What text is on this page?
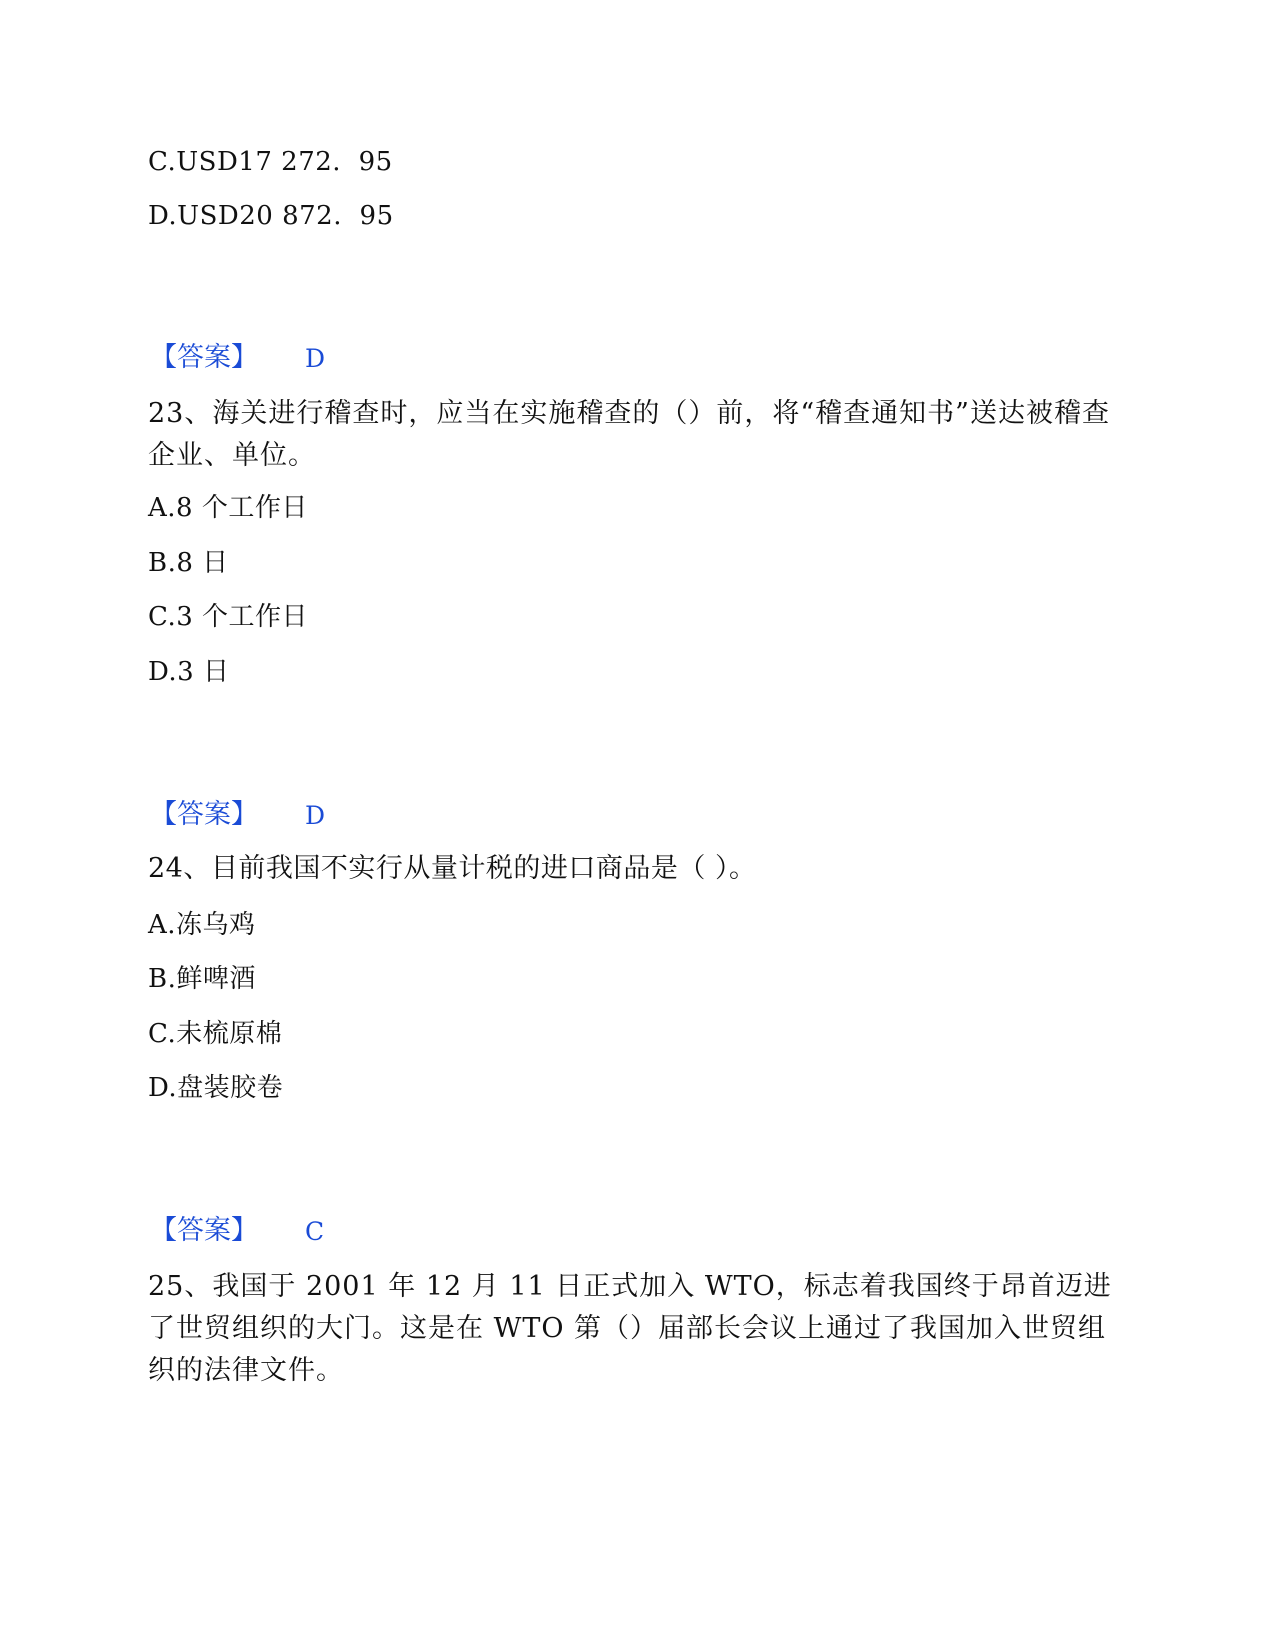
C.USD17 272.  95
D.USD20 872.  95
【答案】 D
23、海关进行稽查时，应当在实施稽查的（）前，将“稽查通知书”送达被稽查企业、单位。
A.8 个工作日
B.8 日
C.3 个工作日
D.3 日
【答案】 D
24、目前我国不实行从量计税的进口商品是（ ）。
A.冻乌鸡
B.鲜啤酒
C.未梳原棉
D.盘装胶卷
【答案】 C
25、我国于 2001 年 12 月 11 日正式加入 WTO，标志着我国终于昂首迈进了世贸组织的大门。这是在 WTO 第（）届部长会议上通过了我国加入世贸组织的法律文件。
